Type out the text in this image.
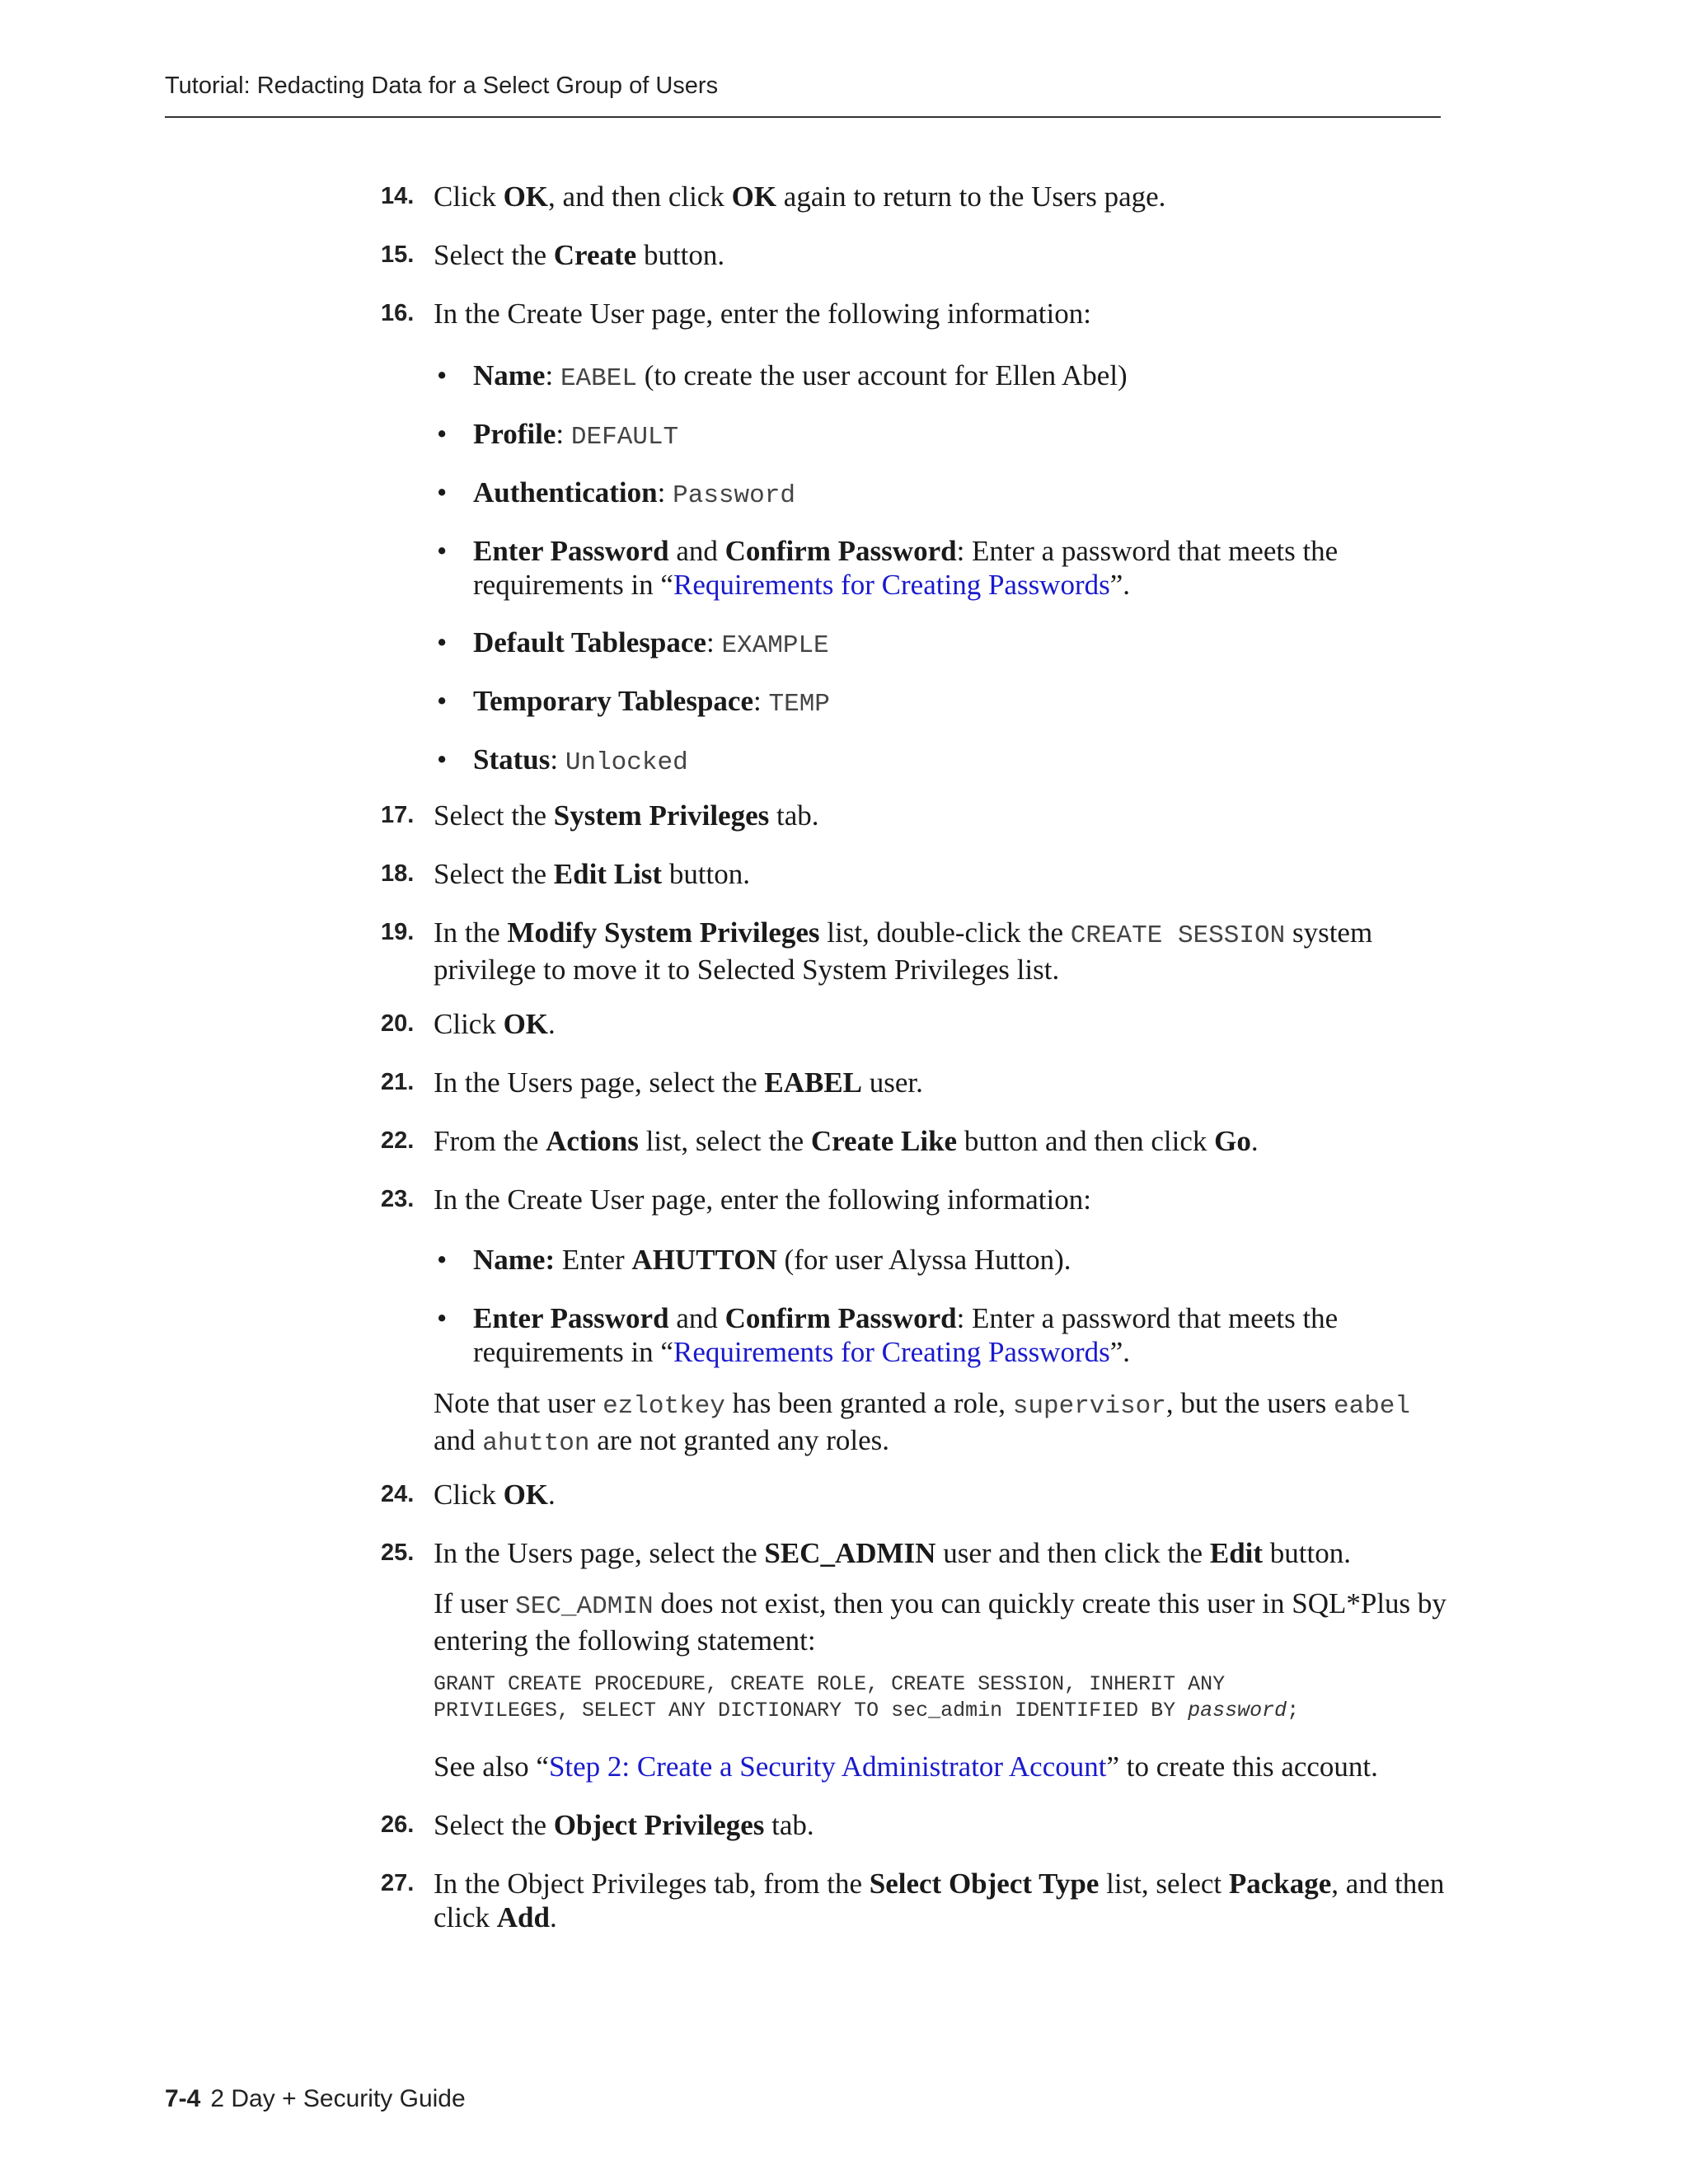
Tutorial: Redacting Data for a Select Group of Users
14. Click OK, and then click OK again to return to the Users page.
15. Select the Create button.
16. In the Create User page, enter the following information:
• Name: EABEL (to create the user account for Ellen Abel)
• Profile: DEFAULT
• Authentication: Password
• Enter Password and Confirm Password: Enter a password that meets the requirements in “Requirements for Creating Passwords”.
• Default Tablespace: EXAMPLE
• Temporary Tablespace: TEMP
• Status: Unlocked
17. Select the System Privileges tab.
18. Select the Edit List button.
19. In the Modify System Privileges list, double-click the CREATE SESSION system privilege to move it to Selected System Privileges list.
20. Click OK.
21. In the Users page, select the EABEL user.
22. From the Actions list, select the Create Like button and then click Go.
23. In the Create User page, enter the following information:
• Name: Enter AHUTTON (for user Alyssa Hutton).
• Enter Password and Confirm Password: Enter a password that meets the requirements in “Requirements for Creating Passwords”.
Note that user ezlotkey has been granted a role, supervisor, but the users eabel and ahutton are not granted any roles.
24. Click OK.
25. In the Users page, select the SEC_ADMIN user and then click the Edit button.
If user SEC_ADMIN does not exist, then you can quickly create this user in SQL*Plus by entering the following statement:
GRANT CREATE PROCEDURE, CREATE ROLE, CREATE SESSION, INHERIT ANY
PRIVILEGES, SELECT ANY DICTIONARY TO sec_admin IDENTIFIED BY password;
See also “Step 2: Create a Security Administrator Account” to create this account.
26. Select the Object Privileges tab.
27. In the Object Privileges tab, from the Select Object Type list, select Package, and then click Add.
7-4 2 Day + Security Guide
